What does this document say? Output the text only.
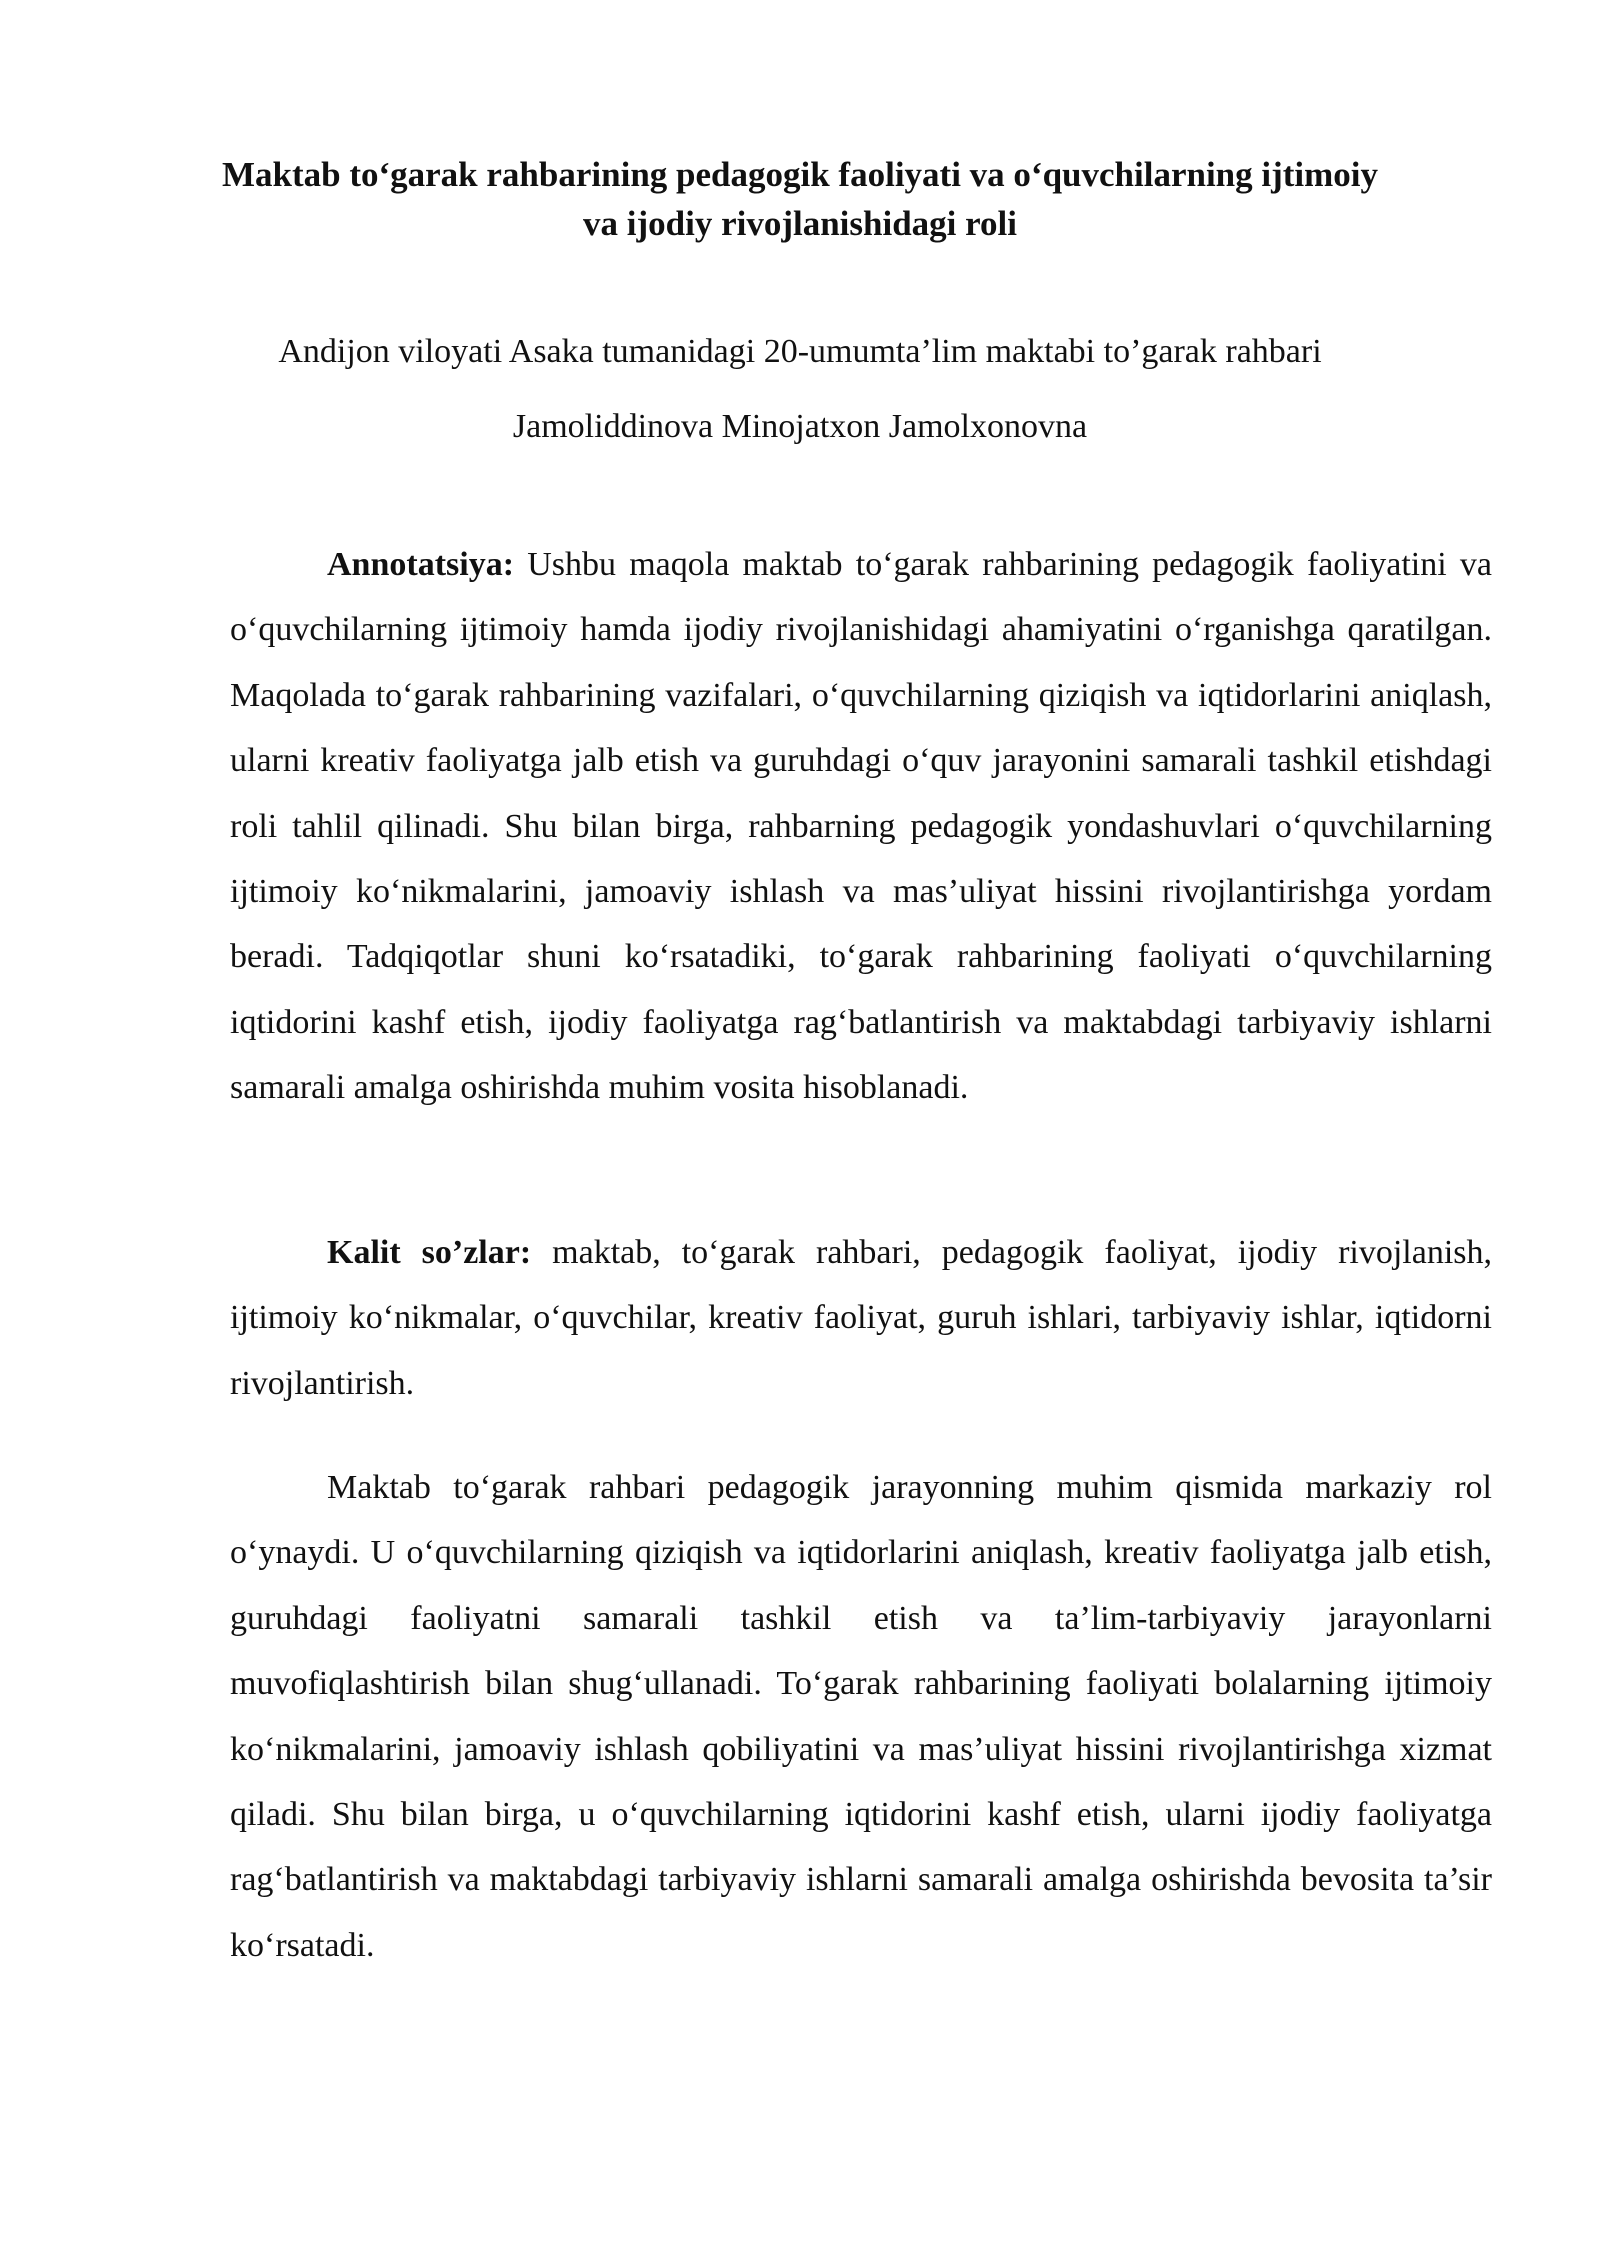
Maktab to‘garak rahbarining pedagogik faoliyati va o‘quvchilarning ijtimoiy va ijodiy rivojlanishidagi roli

Andijon viloyati Asaka tumanidagi 20-umumta’lim maktabi to’garak rahbari

Jamoliddinova Minojatxon Jamolxonovna

Annotatsiya: Ushbu maqola maktab to‘garak rahbarining pedagogik faoliyatini va o‘quvchilarning ijtimoiy hamda ijodiy rivojlanishidagi ahamiyatini o‘rganishga qaratilgan. Maqolada to‘garak rahbarining vazifalari, o‘quvchilarning qiziqish va iqtidorlarini aniqlash, ularni kreativ faoliyatga jalb etish va guruhdagi o‘quv jarayonini samarali tashkil etishdagi roli tahlil qilinadi. Shu bilan birga, rahbarning pedagogik yondashuvlari o‘quvchilarning ijtimoiy ko‘nikmalarini, jamoaviy ishlash va mas’uliyat hissini rivojlantirishga yordam beradi. Tadqiqotlar shuni ko‘rsatadiki, to‘garak rahbarining faoliyati o‘quvchilarning iqtidorini kashf etish, ijodiy faoliyatga rag‘batlantirish va maktabdagi tarbiyaviy ishlarni samarali amalga oshirishda muhim vosita hisoblanadi.

Kalit so’zlar: maktab, to‘garak rahbari, pedagogik faoliyat, ijodiy rivojlanish, ijtimoiy ko‘nikmalar, o‘quvchilar, kreativ faoliyat, guruh ishlari, tarbiyaviy ishlar, iqtidorni rivojlantirish.

Maktab to‘garak rahbari pedagogik jarayonning muhim qismida markaziy rol o‘ynaydi. U o‘quvchilarning qiziqish va iqtidorlarini aniqlash, kreativ faoliyatga jalb etish, guruhdagi faoliyatni samarali tashkil etish va ta’lim-tarbiyaviy jarayonlarni muvofiqlashtirish bilan shug‘ullanadi. To‘garak rahbarining faoliyati bolalarning ijtimoiy ko‘nikmalarini, jamoaviy ishlash qobiliyatini va mas’uliyat hissini rivojlantirishga xizmat qiladi. Shu bilan birga, u o‘quvchilarning iqtidorini kashf etish, ularni ijodiy faoliyatga rag‘batlantirish va maktabdagi tarbiyaviy ishlarni samarali amalga oshirishda bevosita ta’sir ko‘rsatadi.
